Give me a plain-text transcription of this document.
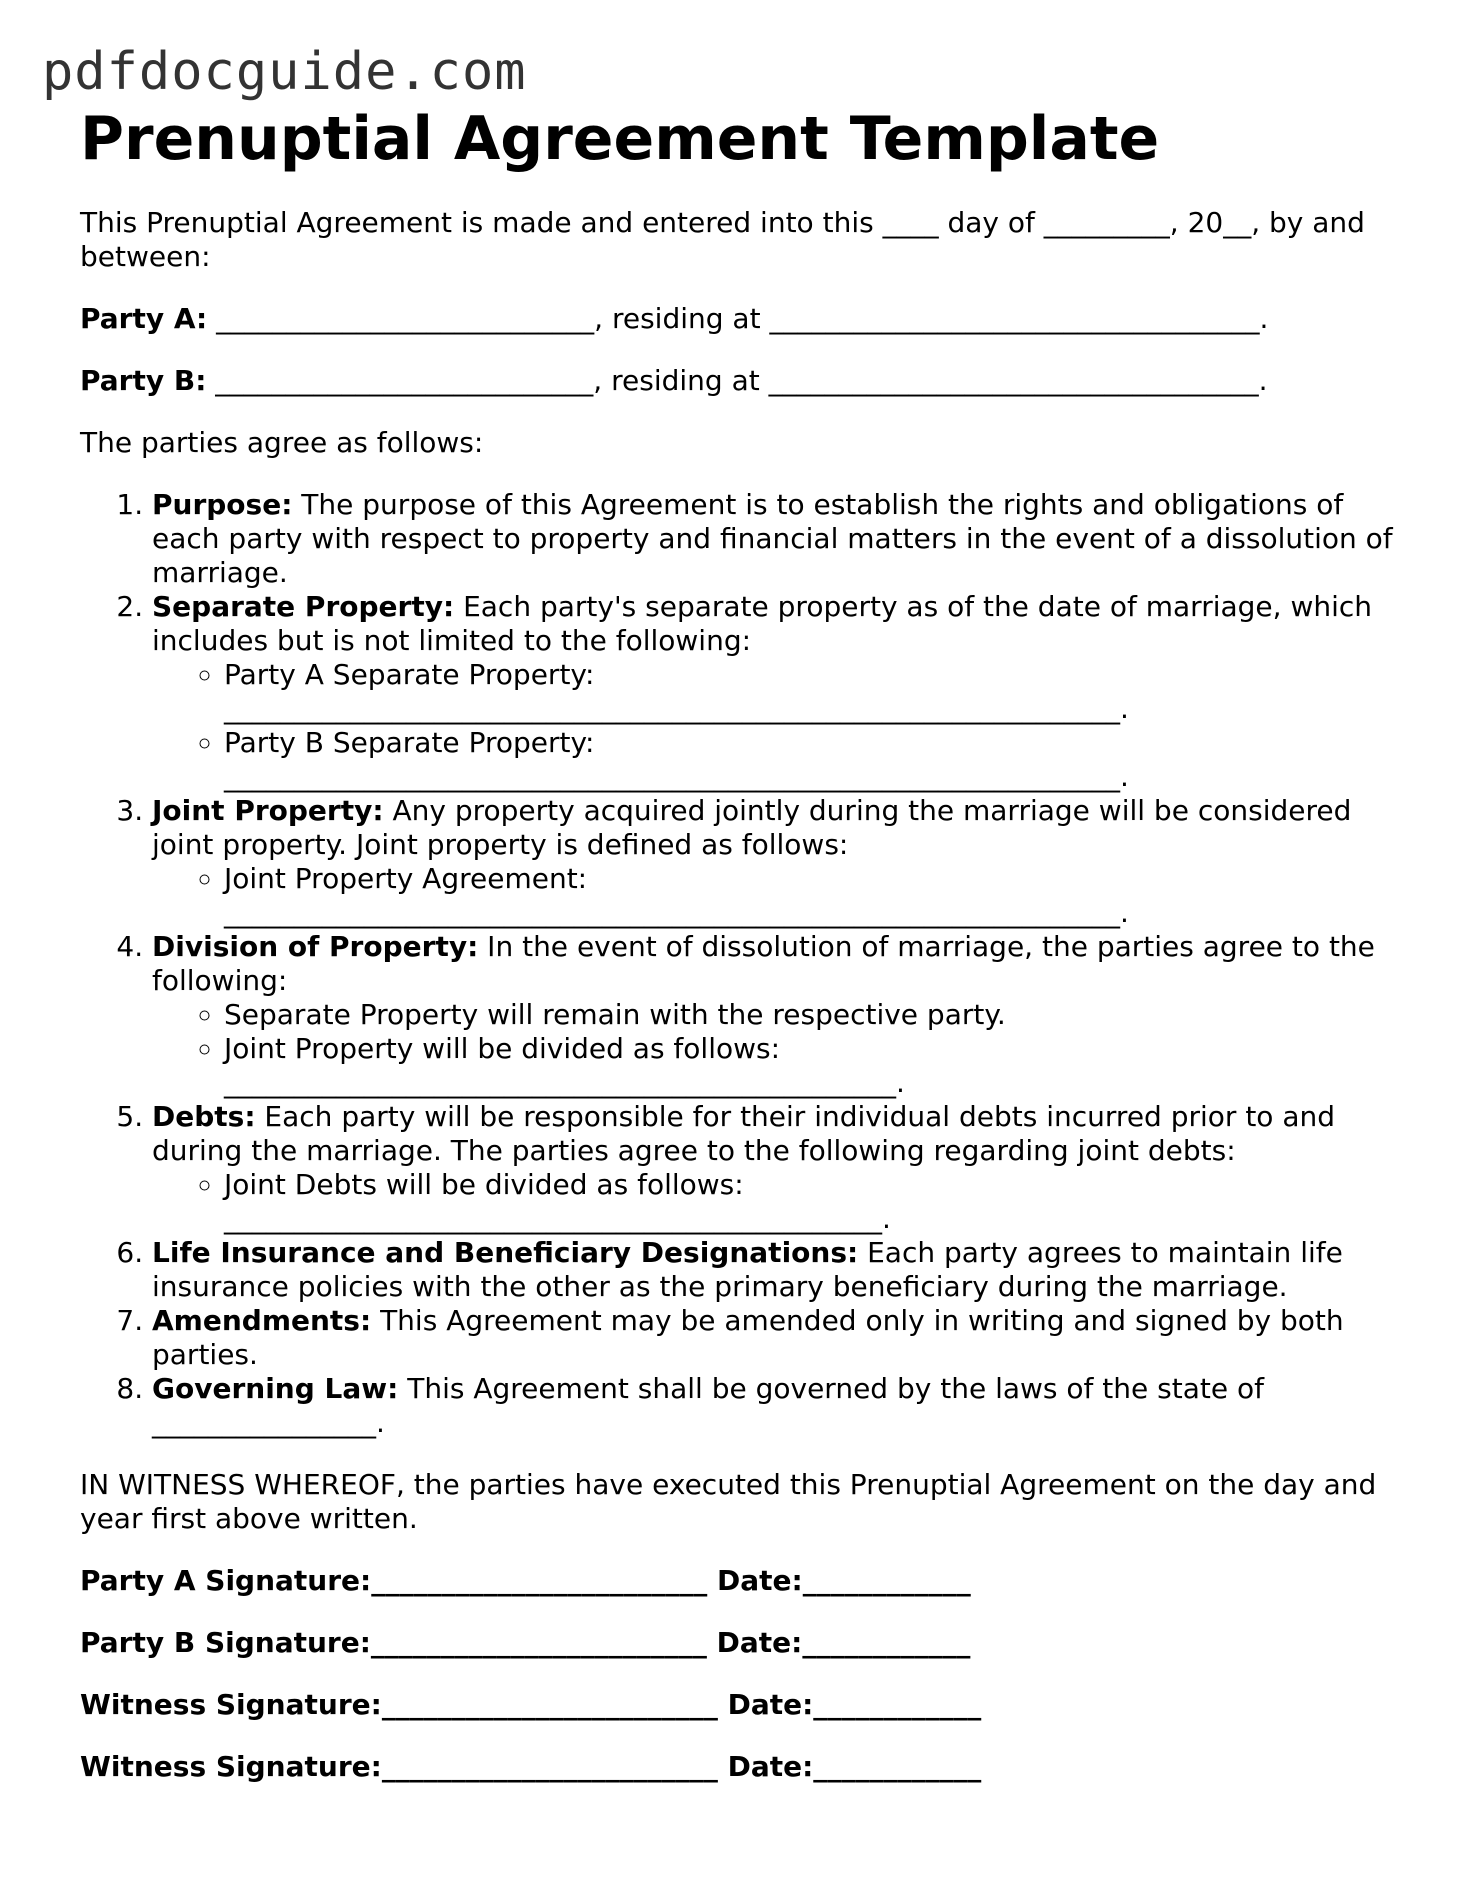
pdfdocguide.com
Prenuptial Agreement Template

This Prenuptial Agreement is made and entered into this ____ day of _________, 20__, by and between:

Party A: ___________________________, residing at ___________________________________.

Party B: ___________________________, residing at ___________________________________.

The parties agree as follows:

1. Purpose: The purpose of this Agreement is to establish the rights and obligations of each party with respect to property and financial matters in the event of a dissolution of marriage.
2. Separate Property: Each party's separate property as of the date of marriage, which includes but is not limited to the following:
◦ Party A Separate Property:
________________________________________________________________.
◦ Party B Separate Property:
________________________________________________________________.
3. Joint Property: Any property acquired jointly during the marriage will be considered joint property. Joint property is defined as follows:
◦ Joint Property Agreement:
________________________________________________________________.
4. Division of Property: In the event of dissolution of marriage, the parties agree to the following:
◦ Separate Property will remain with the respective party.
◦ Joint Property will be divided as follows:
________________________________________________.
5. Debts: Each party will be responsible for their individual debts incurred prior to and during the marriage. The parties agree to the following regarding joint debts:
◦ Joint Debts will be divided as follows:
_______________________________________________.
6. Life Insurance and Beneficiary Designations: Each party agrees to maintain life insurance policies with the other as the primary beneficiary during the marriage.
7. Amendments: This Agreement may be amended only in writing and signed by both parties.
8. Governing Law: This Agreement shall be governed by the laws of the state of ________________.

IN WITNESS WHEREOF, the parties have executed this Prenuptial Agreement on the day and year first above written.

Party A Signature:________________________ Date:____________

Party B Signature:________________________ Date:____________

Witness Signature:________________________ Date:____________

Witness Signature:________________________ Date:____________
